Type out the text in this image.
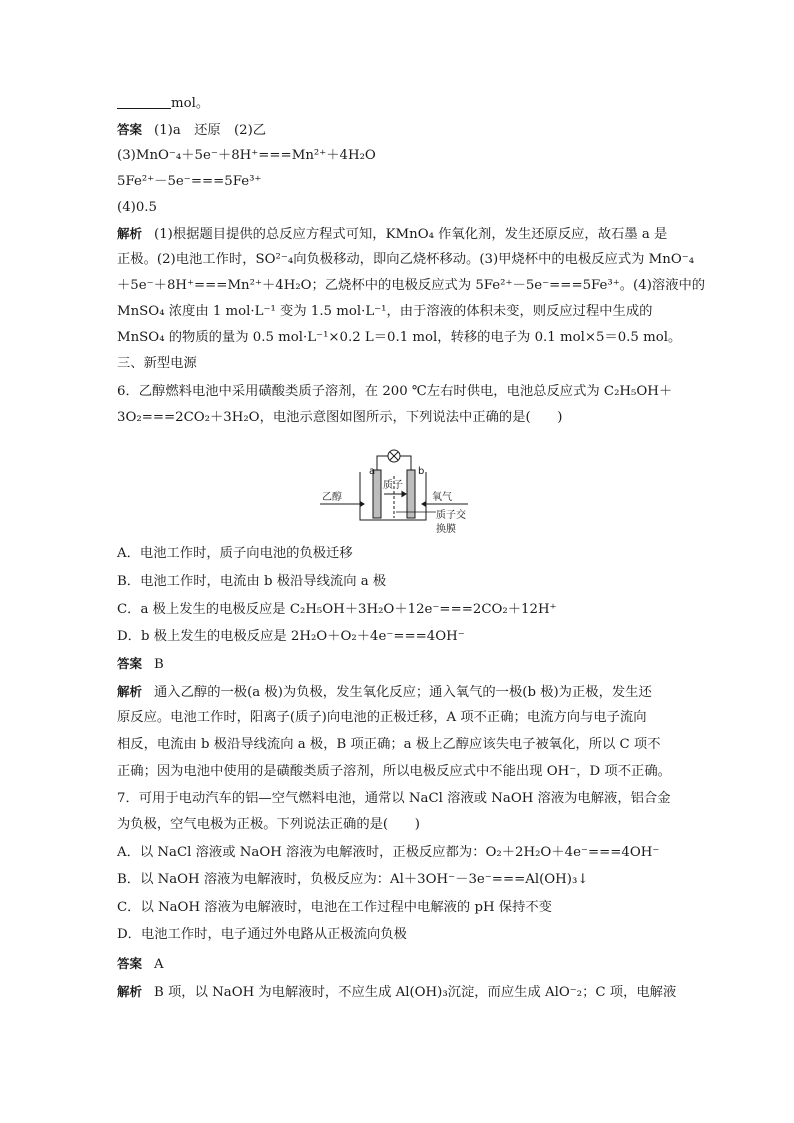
mol。
答案 (1)a　还原　(2)乙
(3)MnO⁻₄＋5e⁻＋8H⁺===Mn²⁺＋4H₂O
5Fe²⁺－5e⁻===5Fe³⁺
(4)0.5
解析 (1)根据题目提供的总反应方程式可知，KMnO₄ 作氧化剂，发生还原反应，故石墨 a 是
正极。(2)电池工作时，SO²⁻₄向负极移动，即向乙烧杯移动。(3)甲烧杯中的电极反应式为 MnO⁻₄
＋5e⁻＋8H⁺===Mn²⁺＋4H₂O；乙烧杯中的电极反应式为 5Fe²⁺－5e⁻===5Fe³⁺。(4)溶液中的
MnSO₄ 浓度由 1 mol·L⁻¹ 变为 1.5 mol·L⁻¹，由于溶液的体积未变，则反应过程中生成的
MnSO₄ 的物质的量为 0.5 mol·L⁻¹×0.2 L＝0.1 mol，转移的电子为 0.1 mol×5＝0.5 mol。
三、新型电源
6．乙醇燃料电池中采用磺酸类质子溶剂，在 200 ℃左右时供电，电池总反应式为 C₂H₅OH＋
3O₂===2CO₂＋3H₂O，电池示意图如图所示，下列说法中正确的是(　　)
A．电池工作时，质子向电池的负极迁移
B．电池工作时，电流由 b 极沿导线流向 a 极
C．a 极上发生的电极反应是 C₂H₅OH＋3H₂O＋12e⁻===2CO₂＋12H⁺
D．b 极上发生的电极反应是 2H₂O＋O₂＋4e⁻===4OH⁻
答案 B
解析 通入乙醇的一极(a 极)为负极，发生氧化反应；通入氧气的一极(b 极)为正极，发生还
原反应。电池工作时，阳离子(质子)向电池的正极迁移，A 项不正确；电流方向与电子流向
相反，电流由 b 极沿导线流向 a 极，B 项正确；a 极上乙醇应该失电子被氧化，所以 C 项不
正确；因为电池中使用的是磺酸类质子溶剂，所以电极反应式中不能出现 OH⁻，D 项不正确。
7．可用于电动汽车的铝—空气燃料电池，通常以 NaCl 溶液或 NaOH 溶液为电解液，铝合金
为负极，空气电极为正极。下列说法正确的是(　　)
A．以 NaCl 溶液或 NaOH 溶液为电解液时，正极反应都为：O₂＋2H₂O＋4e⁻===4OH⁻
B．以 NaOH 溶液为电解液时，负极反应为：Al＋3OH⁻－3e⁻===Al(OH)₃↓
C．以 NaOH 溶液为电解液时，电池在工作过程中电解液的 pH 保持不变
D．电池工作时，电子通过外电路从正极流向负极
答案 A
解析 B 项，以 NaOH 为电解液时，不应生成 Al(OH)₃沉淀，而应生成 AlO⁻₂；C 项，电解液
a	b
乙醇	氧气
质子
质子交
换膜
